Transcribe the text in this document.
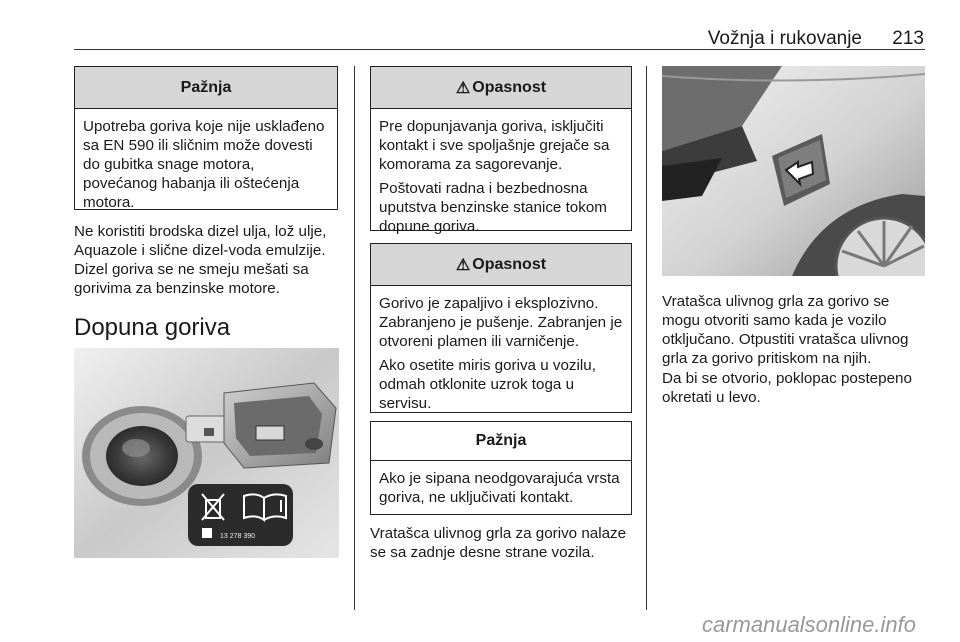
Vožnja i rukovanje 213
Pažnja
Upotreba goriva koje nije usklađeno sa EN 590 ili sličnim može dovesti do gubitka snage motora, povećanog habanja ili oštećenja motora.

Ne koristiti brodska dizel ulja, lož ulje, Aquazole i slične dizel-voda emulzije. Dizel goriva se ne smeju mešati sa gorivima za benzinske motore.

Dopuna goriva
13 278 390
⚠ Opasnost

Pre dopunjavanja goriva, isključiti kontakt i sve spoljašnje grejače sa komorama za sagorevanje.

Poštovati radna i bezbednosna uputstva benzinske stanice tokom dopune goriva.

⚠ Opasnost

Gorivo je zapaljivo i eksplozivno. Zabranjeno je pušenje. Zabranjen je otvoreni plamen ili varničenje.

Ako osetite miris goriva u vozilu, odmah otklonite uzrok toga u servisu.

Pažnja
Ako je sipana neodgovarajuća vrsta goriva, ne uključivati kontakt.

Vratašca ulivnog grla za gorivo nalaze se sa zadnje desne strane vozila.

Vratašca ulivnog grla za gorivo se mogu otvoriti samo kada je vozilo otključano. Otpustiti vratašca ulivnog grla za gorivo pritiskom na njih.

Da bi se otvorio, poklopac postepeno okretati u levo.

carmanualsonline.info
